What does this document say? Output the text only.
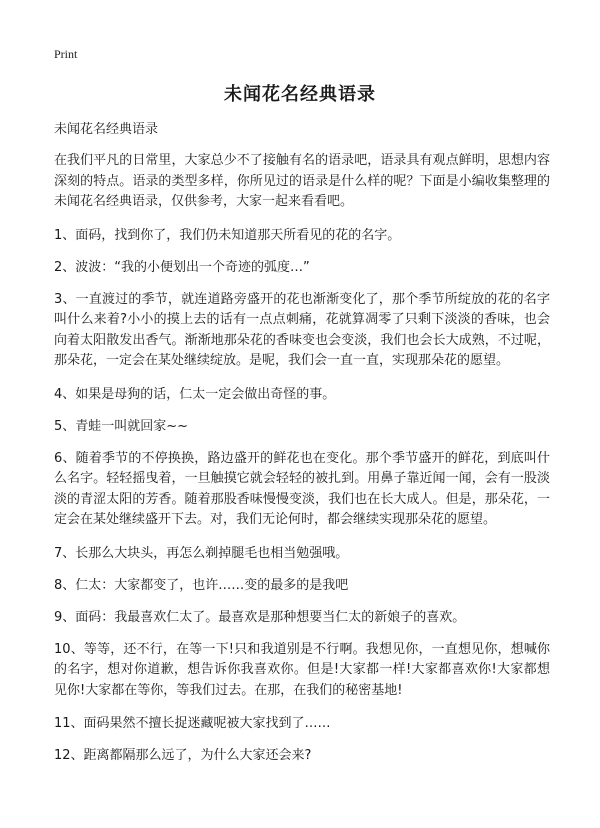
Print
未闻花名经典语录

未闻花名经典语录

在我们平凡的日常里，大家总少不了接触有名的语录吧，语录具有观点鲜明，思想内容深刻的特点。语录的类型多样，你所见过的语录是什么样的呢？下面是小编收集整理的未闻花名经典语录，仅供参考，大家一起来看看吧。

1、面码，找到你了，我们仍未知道那天所看见的花的名字。

2、波波：“我的小便划出一个奇迹的弧度…”

3、一直渡过的季节，就连道路旁盛开的花也渐渐变化了，那个季节所绽放的花的名字叫什么来着?小小的摸上去的话有一点点刺痛，花就算凋零了只剩下淡淡的香味，也会向着太阳散发出香气。渐渐地那朵花的香味变也会变淡，我们也会长大成熟，不过呢，那朵花，一定会在某处继续绽放。是呢，我们会一直一直，实现那朵花的愿望。

4、如果是母狗的话，仁太一定会做出奇怪的事。

5、青蛙一叫就回家~~

6、随着季节的不停换换，路边盛开的鲜花也在变化。那个季节盛开的鲜花，到底叫什么名字。轻轻摇曳着，一旦触摸它就会轻轻的被扎到。用鼻子靠近闻一闻，会有一股淡淡的青涩太阳的芳香。随着那股香味慢慢变淡，我们也在长大成人。但是，那朵花，一定会在某处继续盛开下去。对，我们无论何时，都会继续实现那朵花的愿望。

7、长那么大块头，再怎么剃掉腿毛也相当勉强哦。

8、仁太：大家都变了，也许……变的最多的是我吧

9、面码：我最喜欢仁太了。最喜欢是那种想要当仁太的新娘子的喜欢。

10、等等，还不行，在等一下!只和我道别是不行啊。我想见你，一直想见你，想喊你的名字，想对你道歉，想告诉你我喜欢你。但是!大家都一样!大家都喜欢你!大家都想见你!大家都在等你，等我们过去。在那，在我们的秘密基地!

11、面码果然不擅长捉迷藏呢被大家找到了……

12、距离都隔那么远了，为什么大家还会来?
